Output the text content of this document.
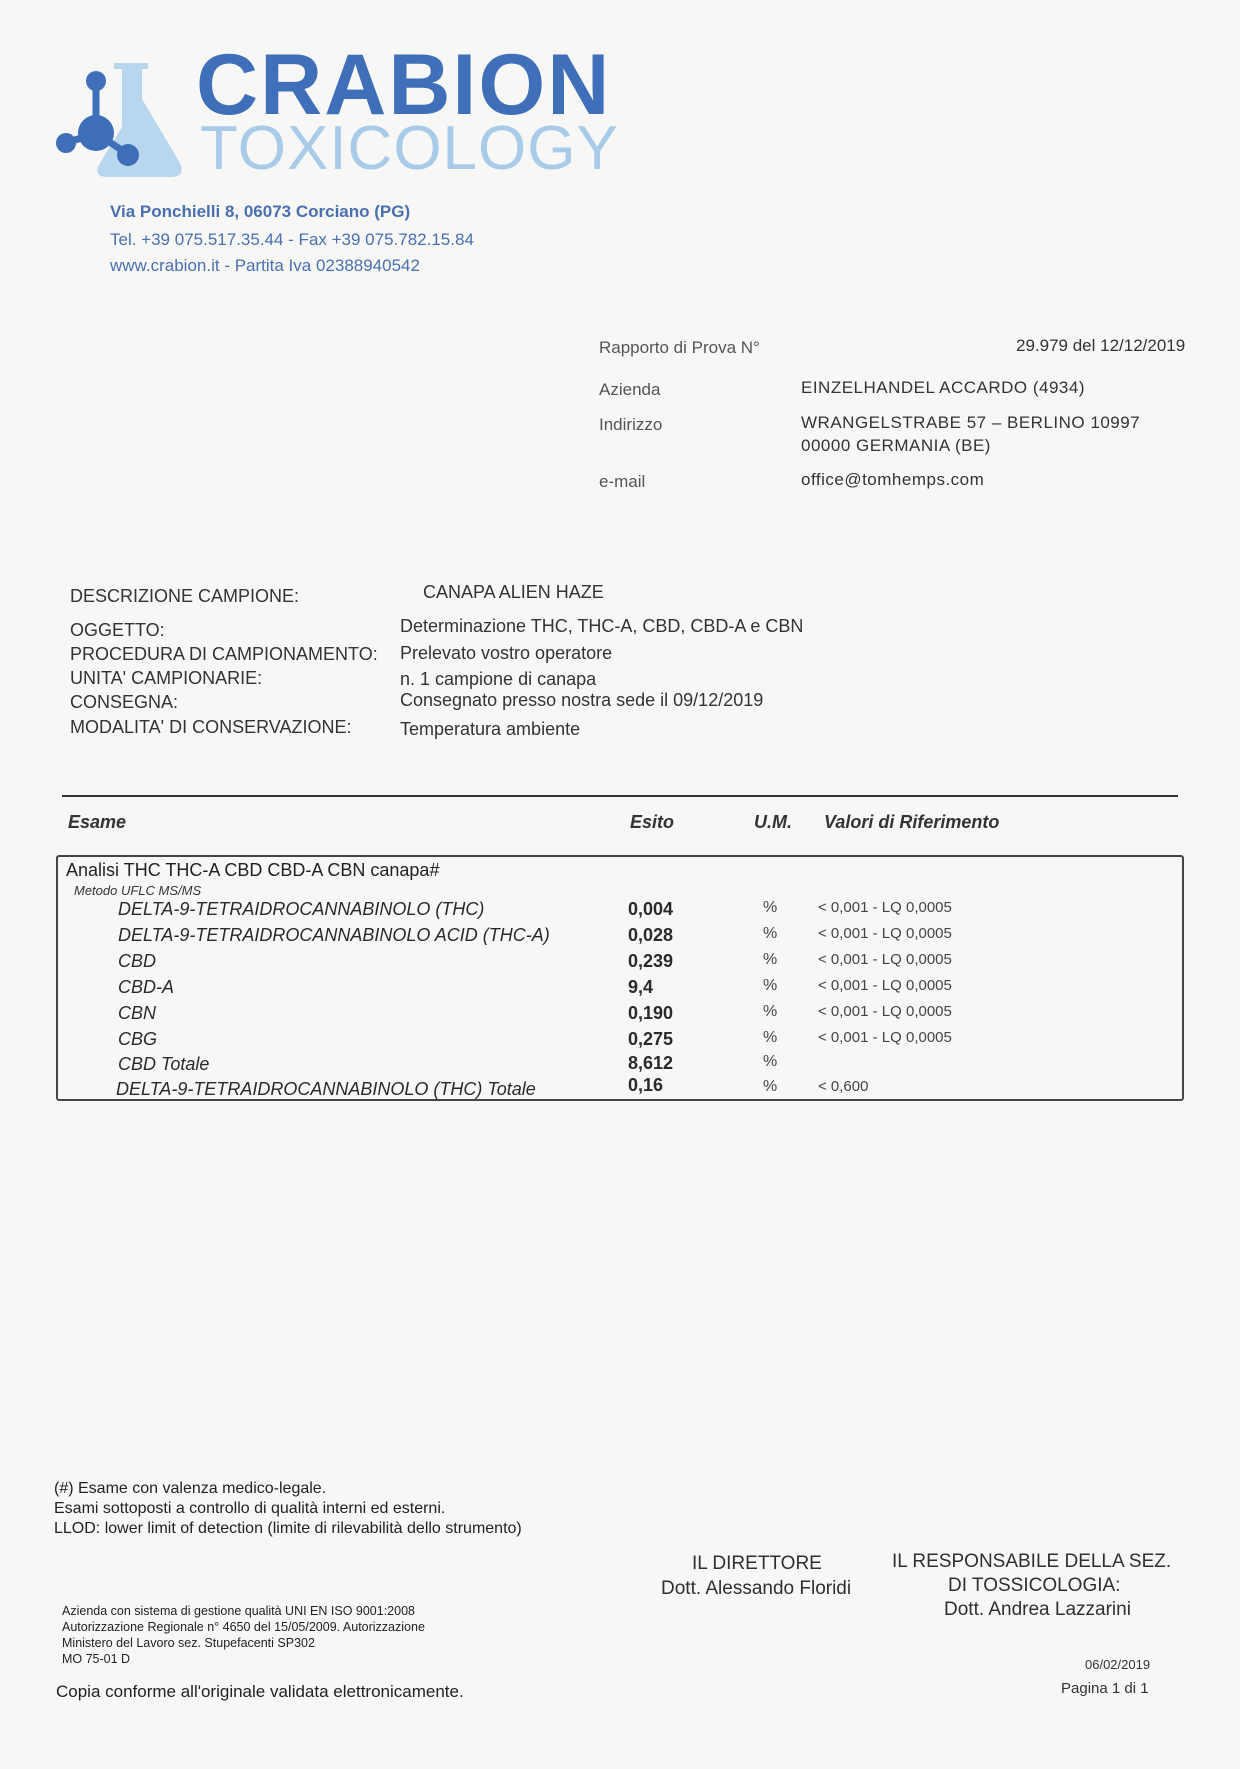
CRABION
TOXICOLOGY
Via Ponchielli 8, 06073 Corciano (PG)
Tel. +39 075.517.35.44 - Fax +39 075.782.15.84
www.crabion.it - Partita Iva 02388940542
Rapporto di Prova N°	29.979 del 12/12/2019
Azienda	EINZELHANDEL ACCARDO (4934)
Indirizzo	WRANGELSTRABE 57 – BERLINO 10997
00000 GERMANIA (BE)
e-mail	office@tomhemps.com
DESCRIZIONE CAMPIONE:	CANAPA ALIEN HAZE
OGGETTO:	Determinazione THC, THC-A, CBD, CBD-A e CBN
PROCEDURA DI CAMPIONAMENTO: Prelevato vostro operatore
UNITA' CAMPIONARIE:	n. 1 campione di canapa
CONSEGNA:	Consegnato presso nostra sede il 09/12/2019
MODALITA' DI CONSERVAZIONE:	Temperatura ambiente
Esame	Esito	U.M. Valori di Riferimento
Analisi THC THC-A CBD CBD-A CBN canapa#
Metodo UFLC MS/MS
DELTA-9-TETRAIDROCANNABINOLO (THC)	0,004	%	< 0,001 - LQ 0,0005
DELTA-9-TETRAIDROCANNABINOLO ACID (THC-A)	0,028	%	< 0,001 - LQ 0,0005
CBD	0,239	%	< 0,001 - LQ 0,0005
CBD-A	9,4	%	< 0,001 - LQ 0,0005
CBN	0,190	%	< 0,001 - LQ 0,0005
CBG	0,275	%	< 0,001 - LQ 0,0005
CBD Totale	8,612	%
DELTA-9-TETRAIDROCANNABINOLO (THC) Totale	0,16	%	< 0,600
(#) Esame con valenza medico-legale.
Esami sottoposti a controllo di qualità interni ed esterni.
LLOD: lower limit of detection (limite di rilevabilità dello strumento)
IL DIRETTORE
Dott. Alessando Floridi
IL RESPONSABILE DELLA SEZ.
DI TOSSICOLOGIA:
Dott. Andrea Lazzarini
Azienda con sistema di gestione qualità UNI EN ISO 9001:2008
Autorizzazione Regionale n° 4650 del 15/05/2009. Autorizzazione
Ministero del Lavoro sez. Stupefacenti SP302
MO 75-01 D
Copia conforme all'originale validata elettronicamente.
06/02/2019
Pagina 1 di 1
